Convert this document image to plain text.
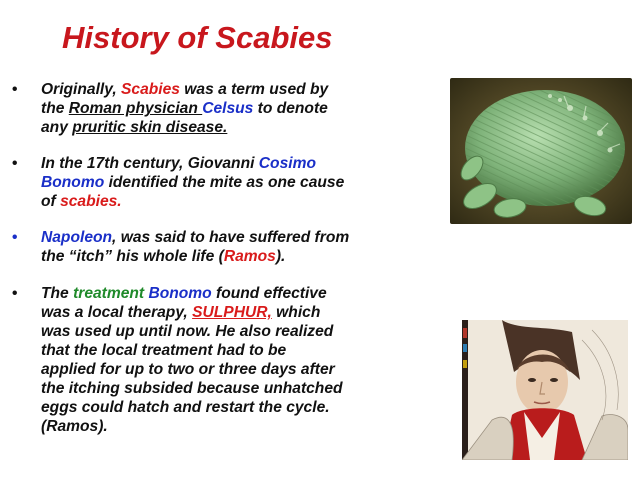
History of Scabies
• Originally, Scabies was a term used by
the Roman physician Celsus to denote
any pruritic skin disease.
• In the 17th century, Giovanni Cosimo
Bonomo identified the mite as one cause
of scabies.
• Napoleon, was said to have suffered from
the “itch” his whole life (Ramos).
• The treatment Bonomo found effective
was a local therapy, SULPHUR, which
was used up until now. He also realized
that the local treatment had to be
applied for up to two or three days after
the itching subsided because unhatched
eggs could hatch and restart the cycle.
(Ramos).
